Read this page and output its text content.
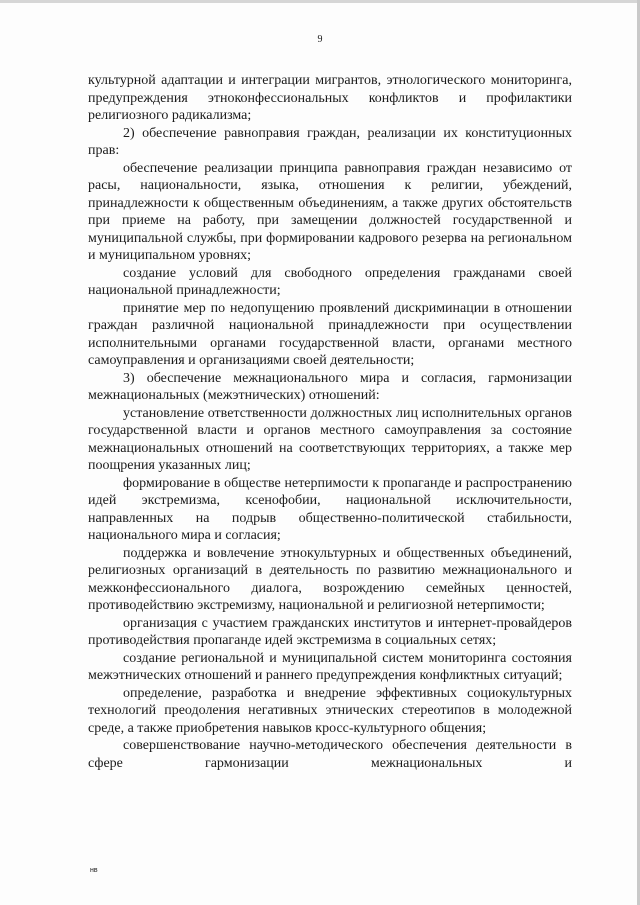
9

культурной адаптации и интеграции мигрантов, этнологического мониторинга, предупреждения этноконфессиональных конфликтов и профилактики религиозного радикализма;

2) обеспечение равноправия граждан, реализации их конституционных прав:

обеспечение реализации принципа равноправия граждан независимо от расы, национальности, языка, отношения к религии, убеждений, принадлежности к общественным объединениям, а также других обстоятельств при приеме на работу, при замещении должностей государственной и муниципальной службы, при формировании кадрового резерва на региональном и муниципальном уровнях;

создание условий для свободного определения гражданами своей национальной принадлежности;

принятие мер по недопущению проявлений дискриминации в отношении граждан различной национальной принадлежности при осуществлении исполнительными органами государственной власти, органами местного самоуправления и организациями своей деятельности;

3) обеспечение межнационального мира и согласия, гармонизации межнациональных (межэтнических) отношений:

установление ответственности должностных лиц исполнительных органов государственной власти и органов местного самоуправления за состояние межнациональных отношений на соответствующих территориях, а также мер поощрения указанных лиц;

формирование в обществе нетерпимости к пропаганде и распространению идей экстремизма, ксенофобии, национальной исключительности, направленных на подрыв общественно-политической стабильности, национального мира и согласия;

поддержка и вовлечение этнокультурных и общественных объединений, религиозных организаций в деятельность по развитию межнационального и межконфессионального диалога, возрождению семейных ценностей, противодействию экстремизму, национальной и религиозной нетерпимости;

организация с участием гражданских институтов и интернет-провайдеров противодействия пропаганде идей экстремизма в социальных сетях;

создание региональной и муниципальной систем мониторинга состояния межэтнических отношений и раннего предупреждения конфликтных ситуаций;

определение, разработка и внедрение эффективных социокультурных технологий преодоления негативных этнических стереотипов в молодежной среде, а также приобретения навыков кросс-культурного общения;

совершенствование научно-методического обеспечения деятельности в сфере гармонизации межнациональных и

нв
